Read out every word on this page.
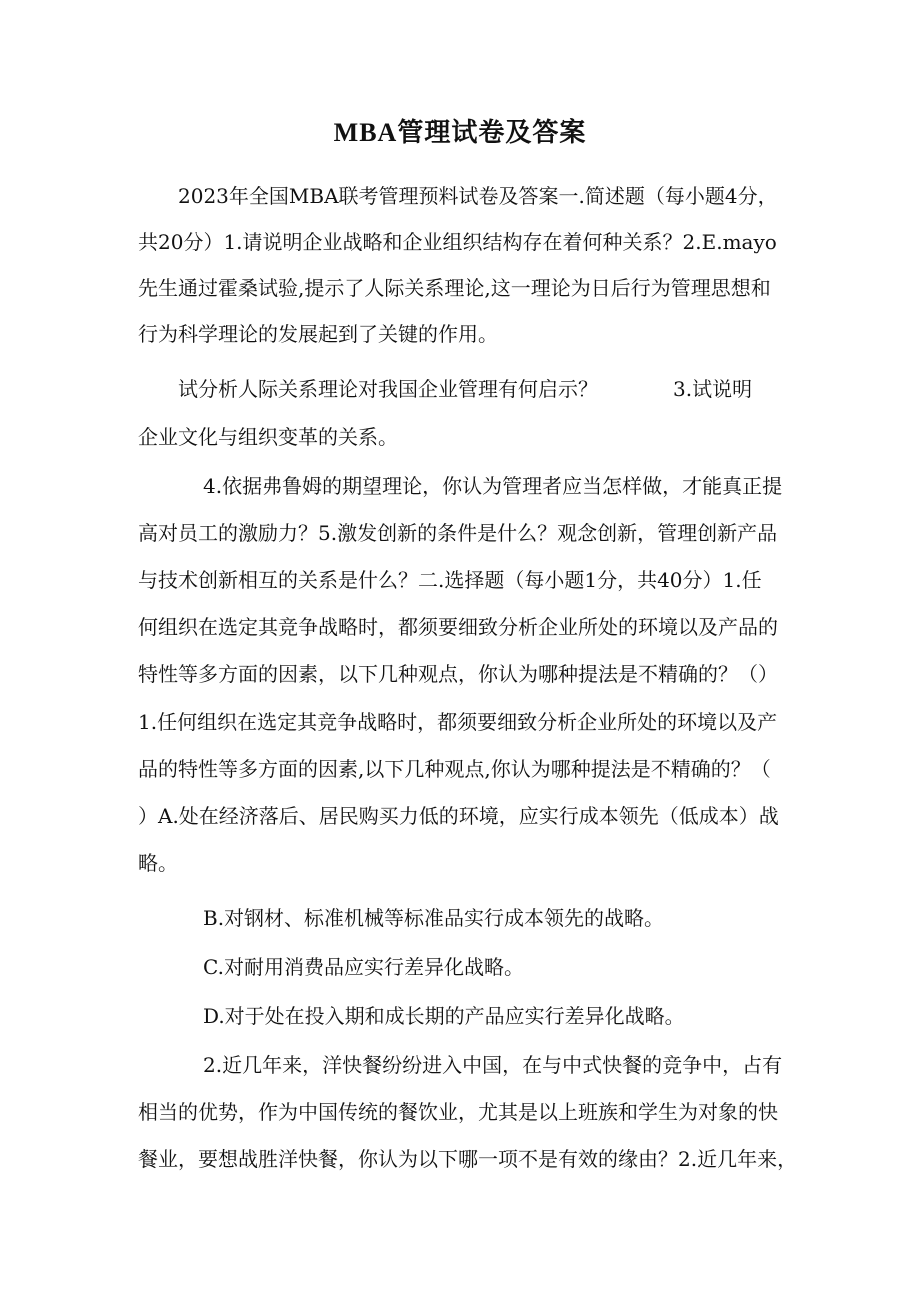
MBA管理试卷及答案
2023年全国MBA联考管理预料试卷及答案一.简述题（每小题4分，
共20分）1.请说明企业战略和企业组织结构存在着何种关系？2.E.mayo
先生通过霍桑试验,提示了人际关系理论,这一理论为日后行为管理思想和
行为科学理论的发展起到了关键的作用。
试分析人际关系理论对我国企业管理有何启示？	3.试说明
企业文化与组织变革的关系。
4.依据弗鲁姆的期望理论，你认为管理者应当怎样做，才能真正提
高对员工的激励力？5.激发创新的条件是什么？观念创新，管理创新产品
与技术创新相互的关系是什么？二.选择题（每小题1分，共40分）1.任
何组织在选定其竞争战略时，都须要细致分析企业所处的环境以及产品的
特性等多方面的因素，以下几种观点，你认为哪种提法是不精确的？（）
1.任何组织在选定其竞争战略时，都须要细致分析企业所处的环境以及产
品的特性等多方面的因素,以下几种观点,你认为哪种提法是不精确的？（
）A.处在经济落后、居民购买力低的环境，应实行成本领先（低成本）战
略。
B.对钢材、标准机械等标准品实行成本领先的战略。
C.对耐用消费品应实行差异化战略。
D.对于处在投入期和成长期的产品应实行差异化战略。
2.近几年来，洋快餐纷纷进入中国，在与中式快餐的竞争中，占有
相当的优势，作为中国传统的餐饮业，尤其是以上班族和学生为对象的快
餐业，要想战胜洋快餐，你认为以下哪一项不是有效的缘由？2.近几年来，
